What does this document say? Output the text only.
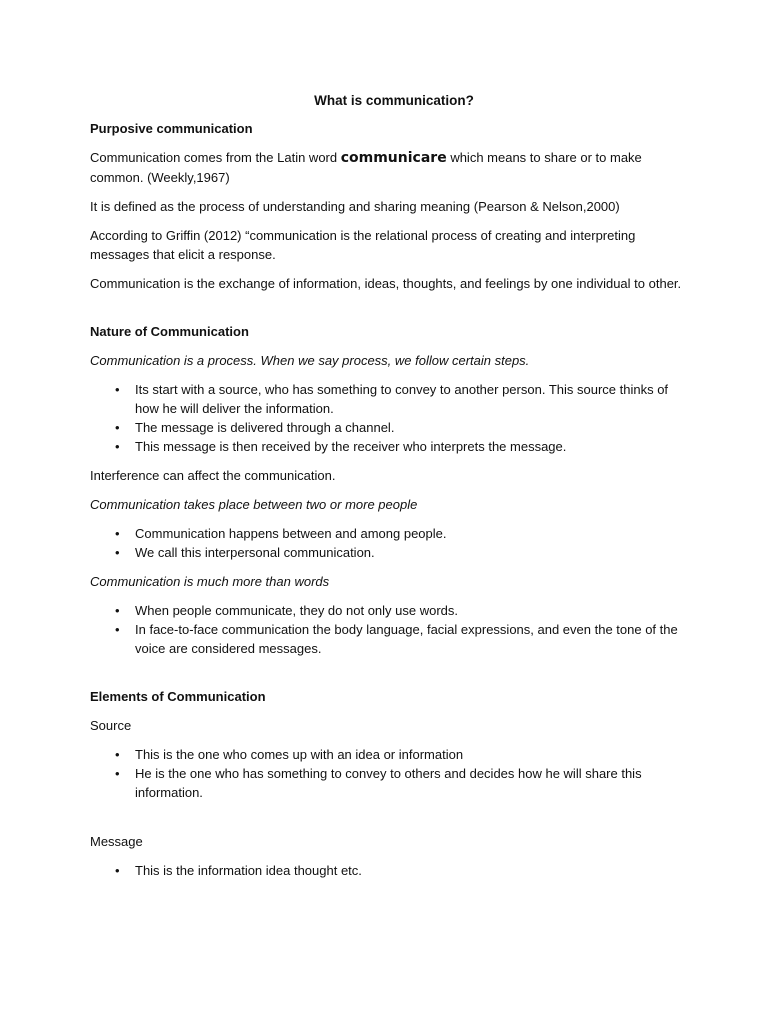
What is communication?
Purposive communication

Communication comes from the Latin word communicare which means to share or to make common. (Weekly,1967)

It is defined as the process of understanding and sharing meaning (Pearson & Nelson,2000)

According to Griffin (2012) “communication is the relational process of creating and interpreting messages that elicit a response.

Communication is the exchange of information, ideas, thoughts, and feelings by one individual to other.

Nature of Communication

Communication is a process. When we say process, we follow certain steps.

• Its start with a source, who has something to convey to another person. This source thinks of how he will deliver the information.
• The message is delivered through a channel.
• This message is then received by the receiver who interprets the message.

Interference can affect the communication.

Communication takes place between two or more people

• Communication happens between and among people.
• We call this interpersonal communication.

Communication is much more than words

• When people communicate, they do not only use words.
• In face-to-face communication the body language, facial expressions, and even the tone of the voice are considered messages.
Elements of Communication

Source

• This is the one who comes up with an idea or information
• He is the one who has something to convey to others and decides how he will share this information.

Message

• This is the information idea thought etc.
